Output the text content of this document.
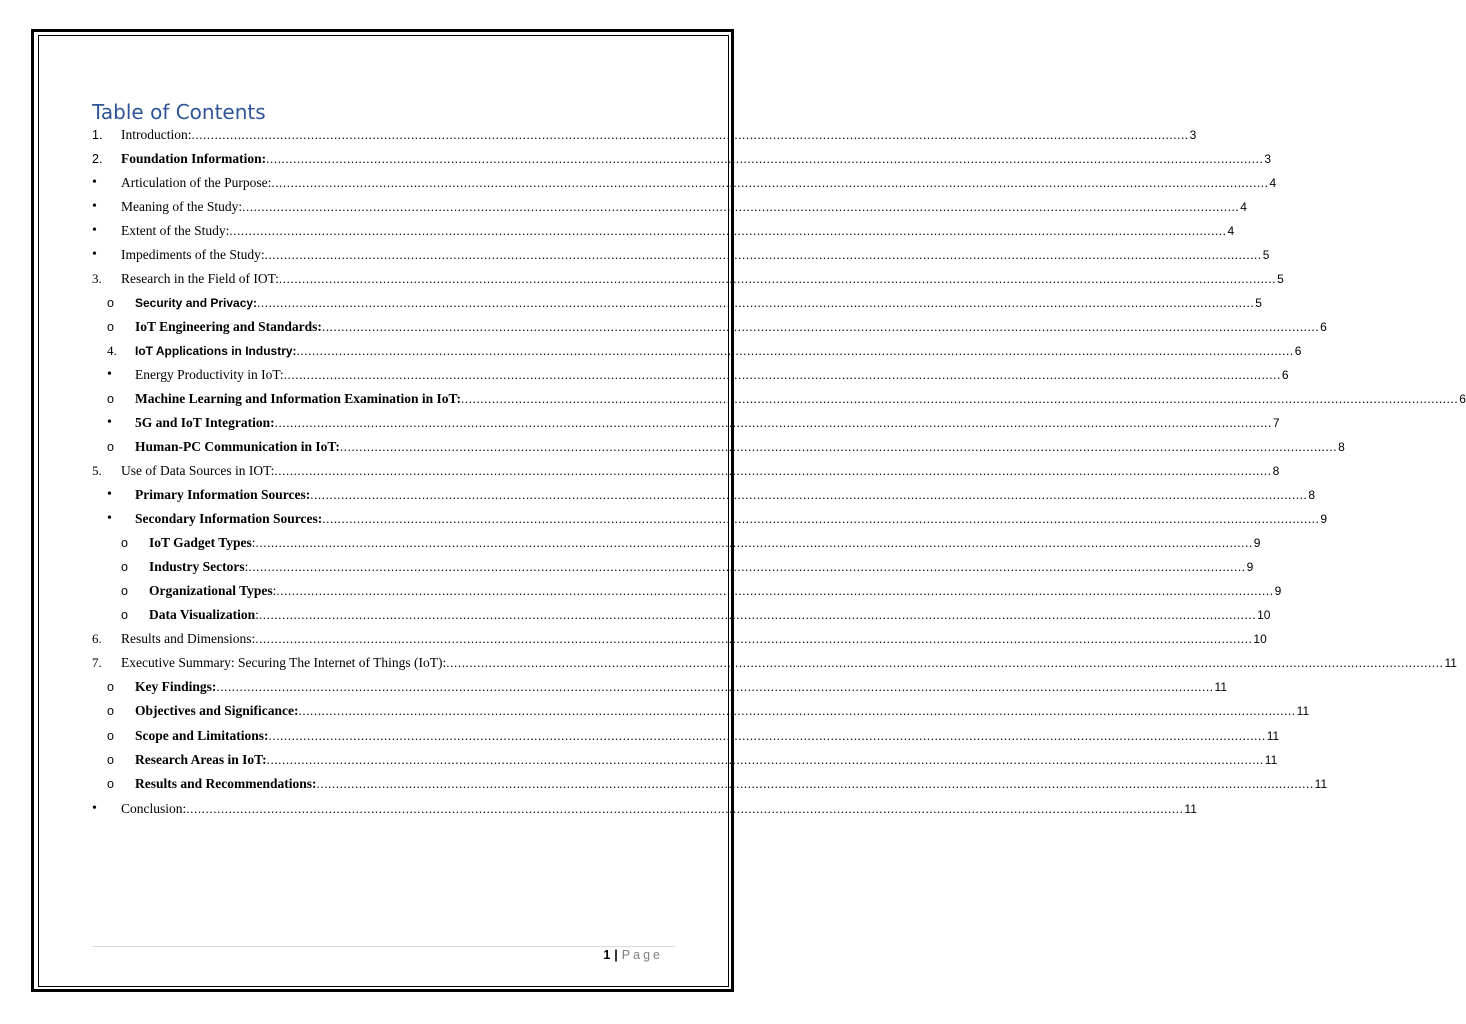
Table of Contents
1. Introduction: ................................................................................................................................................................................................................................................................... 3
2. Foundation Information: ................................................................................................................................................................................................................................................................... 3
• Articulation of the Purpose: ................................................................................................................................................................................................................................................................... 4
• Meaning of the Study: ................................................................................................................................................................................................................................................................... 4
• Extent of the Study: ................................................................................................................................................................................................................................................................... 4
• Impediments of the Study: ................................................................................................................................................................................................................................................................... 5
3. Research in the Field of IOT: ................................................................................................................................................................................................................................................................... 5
o Security and Privacy: ................................................................................................................................................................................................................................................................... 5
o IoT Engineering and Standards: ................................................................................................................................................................................................................................................................... 6
4. IoT Applications in Industry: ................................................................................................................................................................................................................................................................... 6
• Energy Productivity in IoT: ................................................................................................................................................................................................................................................................... 6
o Machine Learning and Information Examination in IoT: ................................................................................................................................................................................................................................................................... 6
• 5G and IoT Integration: ................................................................................................................................................................................................................................................................... 7
o Human-PC Communication in IoT: ................................................................................................................................................................................................................................................................... 8
5. Use of Data Sources in IOT: ................................................................................................................................................................................................................................................................... 8
• Primary Information Sources: ................................................................................................................................................................................................................................................................... 8
• Secondary Information Sources: ................................................................................................................................................................................................................................................................... 9
o IoT Gadget Types : ................................................................................................................................................................................................................................................................... 9
o Industry Sectors : ................................................................................................................................................................................................................................................................... 9
o Organizational Types : ................................................................................................................................................................................................................................................................... 9
o Data Visualization : ................................................................................................................................................................................................................................................................... 10
6. Results and Dimensions: ................................................................................................................................................................................................................................................................... 10
7. Executive Summary: Securing The Internet of Things (IoT): ................................................................................................................................................................................................................................................................... 11
o Key Findings: ................................................................................................................................................................................................................................................................... 11
o Objectives and Significance: ................................................................................................................................................................................................................................................................... 11
o Scope and Limitations: ................................................................................................................................................................................................................................................................... 11
o Research Areas in IoT: ................................................................................................................................................................................................................................................................... 11
o Results and Recommendations: ................................................................................................................................................................................................................................................................... 11
• Conclusion: ................................................................................................................................................................................................................................................................... 11
1 | Page
